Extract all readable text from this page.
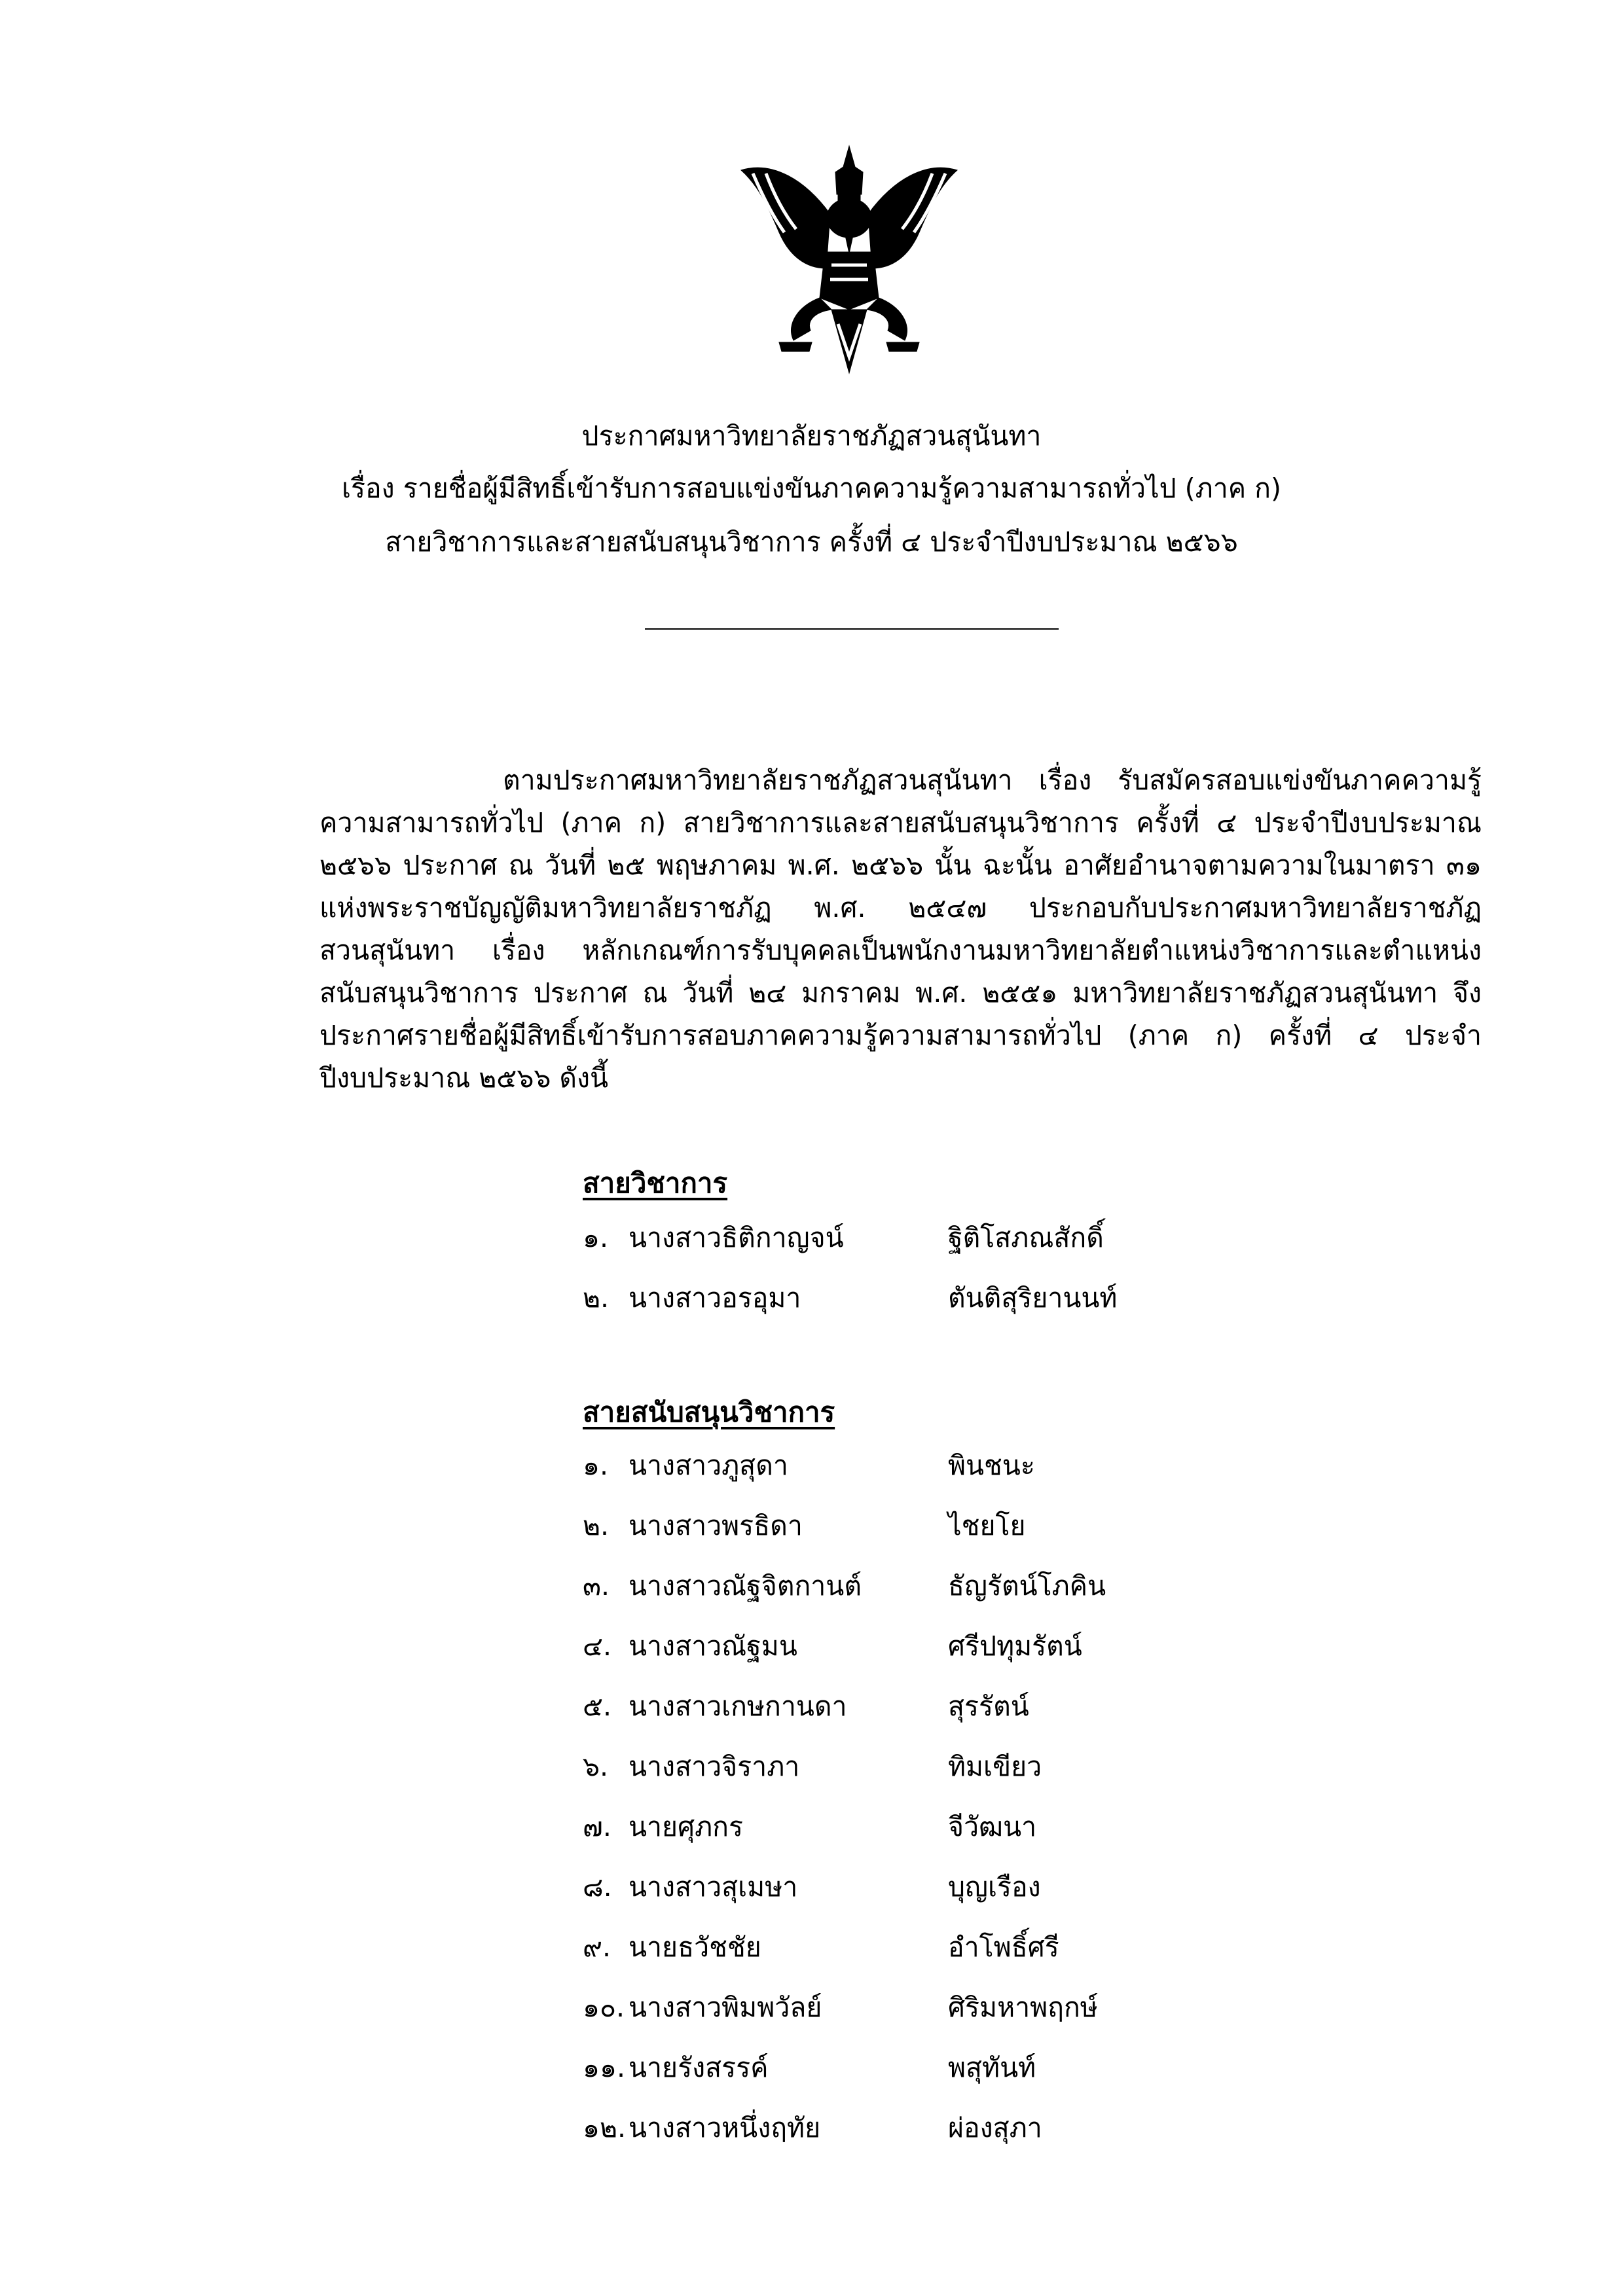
ประกาศมหาวิทยาลัยราชภัฏสวนสุนันทา
เรื่อง รายชื่อผู้มีสิทธิ์เข้ารับการสอบแข่งขันภาคความรู้ความสามารถทั่วไป (ภาค ก)
สายวิชาการและสายสนับสนุนวิชาการ ครั้งที่ ๔ ประจำปีงบประมาณ ๒๕๖๖
ตามประกาศมหาวิทยาลัยราชภัฏสวนสุนันทา เรื่อง รับสมัครสอบแข่งขันภาคความรู้
ความสามารถทั่วไป (ภาค ก) สายวิชาการและสายสนับสนุนวิชาการ ครั้งที่ ๔ ประจำปีงบประมาณ
๒๕๖๖ ประกาศ ณ วันที่ ๒๕ พฤษภาคม พ.ศ. ๒๕๖๖ นั้น ฉะนั้น อาศัยอำนาจตามความในมาตรา ๓๑
แห่งพระราชบัญญัติมหาวิทยาลัยราชภัฏ พ.ศ. ๒๕๔๗ ประกอบกับประกาศมหาวิทยาลัยราชภัฏ
สวนสุนันทา เรื่อง หลักเกณฑ์การรับบุคคลเป็นพนักงานมหาวิทยาลัยตำแหน่งวิชาการและตำแหน่ง
สนับสนุนวิชาการ ประกาศ ณ วันที่ ๒๔ มกราคม พ.ศ. ๒๕๕๑ มหาวิทยาลัยราชภัฏสวนสุนันทา จึง
ประกาศรายชื่อผู้มีสิทธิ์เข้ารับการสอบภาคความรู้ความสามารถทั่วไป (ภาค ก) ครั้งที่ ๔ ประจำ
ปีงบประมาณ ๒๕๖๖ ดังนี้
สายวิชาการ
๑. นางสาวธิติกาญจน์	ฐิติโสภณสักดิ์
๒. นางสาวอรอุมา	ตันติสุริยานนท์
สายสนับสนุนวิชาการ
๑. นางสาวภูสุดา	พินชนะ
๒. นางสาวพรธิดา	ไชยโย
๓. นางสาวณัฐจิตกานต์	ธัญรัตน์โภคิน
๔. นางสาวณัฐมน	ศรีปทุมรัตน์
๕. นางสาวเกษกานดา	สุรรัตน์
๖. นางสาวจิราภา	ทิมเขียว
๗. นายศุภกร	จีวัฒนา
๘. นางสาวสุเมษา	บุญเรือง
๙. นายธวัชชัย	อำโพธิ์ศรี
๑๐. นางสาวพิมพวัลย์	ศิริมหาพฤกษ์
๑๑. นายรังสรรค์	พสุทันท์
๑๒. นางสาวหนึ่งฤทัย	ผ่องสุภา
